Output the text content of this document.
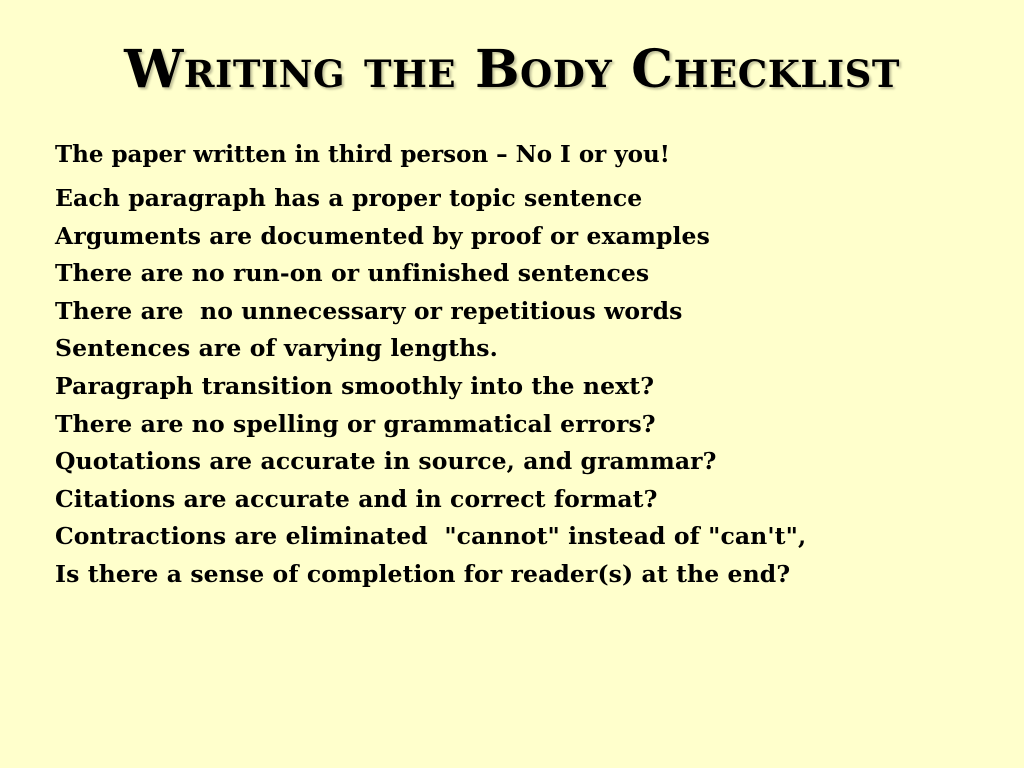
Writing the Body Checklist

The paper written in third person – No I or you!

Each paragraph has a proper topic sentence
Arguments are documented by proof or examples
There are no run-on or unfinished sentences
There are  no unnecessary or repetitious words
Sentences are of varying lengths.
Paragraph transition smoothly into the next?
There are no spelling or grammatical errors?
Quotations are accurate in source, and grammar?
Citations are accurate and in correct format?
Contractions are eliminated  "cannot" instead of "can't",
Is there a sense of completion for reader(s) at the end?
